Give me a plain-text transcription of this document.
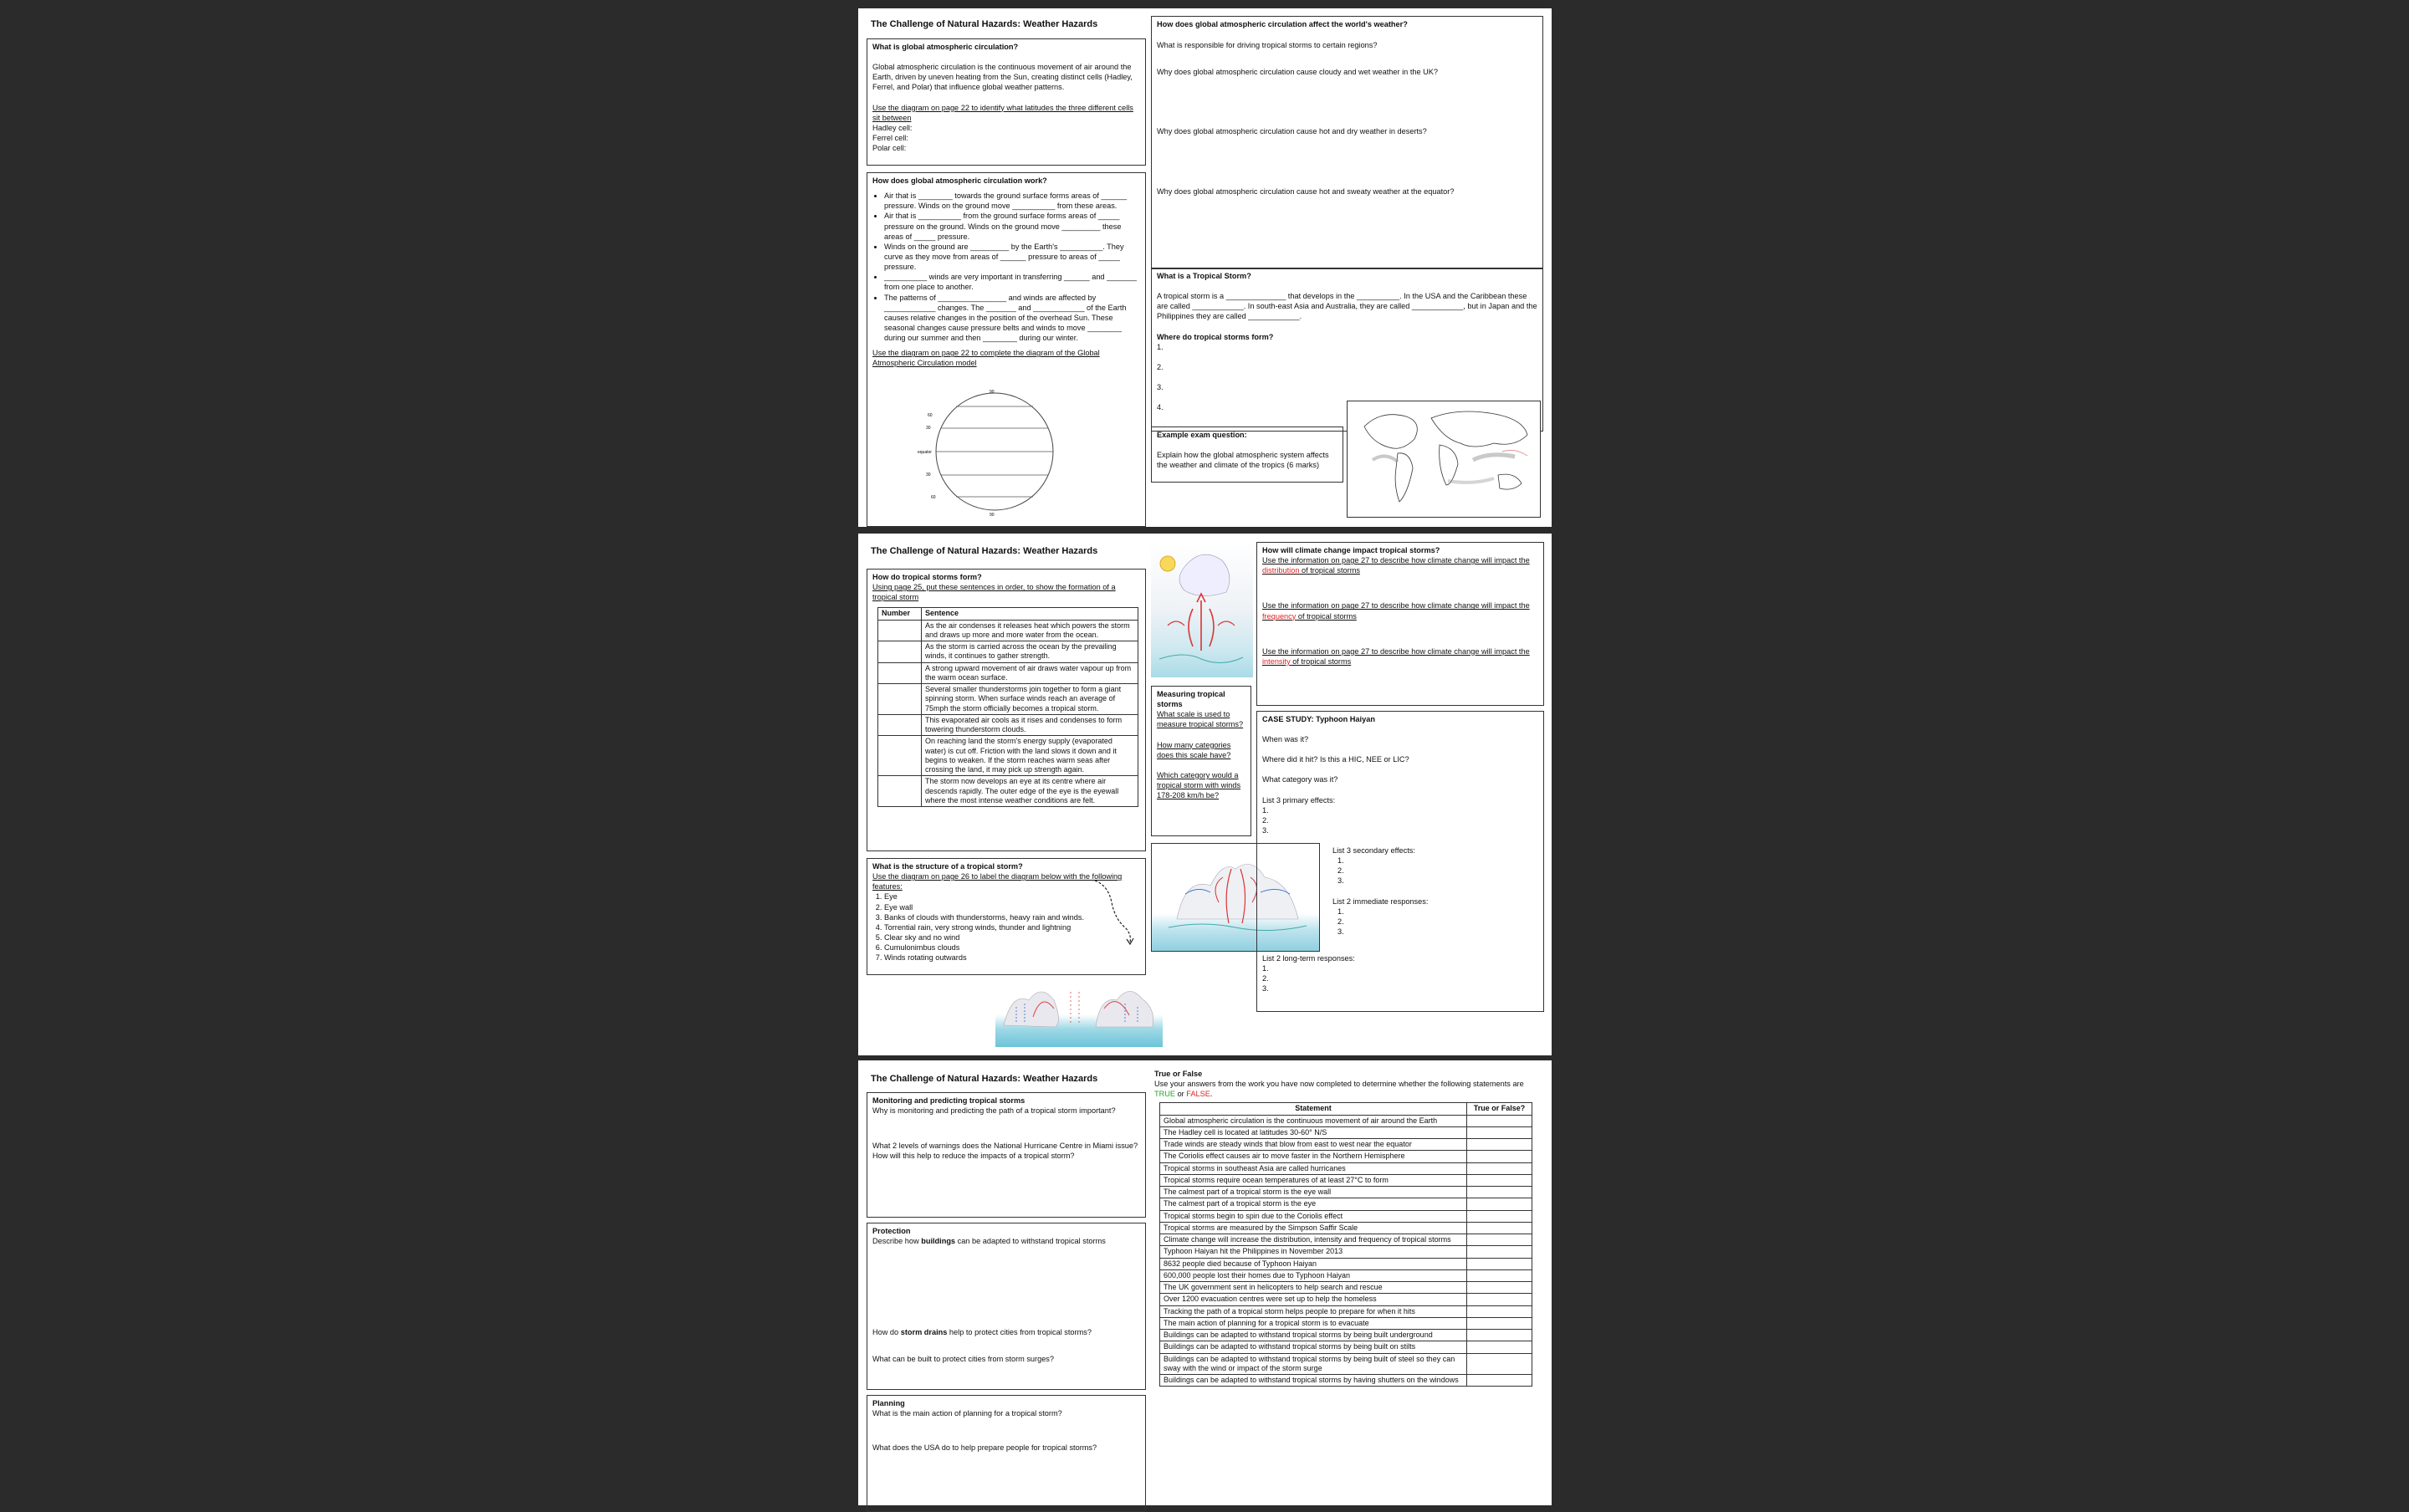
The Challenge of Natural Hazards: Weather Hazards

What is global atmospheric circulation?

Global atmospheric circulation is the continuous movement of air around the Earth, driven by uneven heating from the Sun, creating distinct cells (Hadley, Ferrel, and Polar) that influence global weather patterns.

Use the diagram on page 22 to identify what latitudes the three different cells sit between

Hadley cell:

Ferrel cell:

Polar cell:

How does global atmospheric circulation work?

• Air that is ________ towards the ground surface forms areas of ______ pressure. Winds on the ground move __________ from these areas.
• Air that is __________ from the ground surface forms areas of _____ pressure on the ground. Winds on the ground move _________ these areas of _____ pressure.
• Winds on the ground are _________ by the Earth's __________. They curve as they move from areas of ______ pressure to areas of _____ pressure.
• __________ winds are very important in transferring ______ and _______ from one place to another.
• The patterns of ________________ and winds are affected by ____________ changes. The _______ and ____________ of the Earth causes relative changes in the position of the overhead Sun. These seasonal changes cause pressure belts and winds to move ________ during our summer and then ________ during our winter.

Use the diagram on page 22 to complete the diagram of the Global Atmospheric Circulation model

90
60
30
equator
30
60
90

How does global atmospheric circulation affect the world's weather?

What is responsible for driving tropical storms to certain regions?

Why does global atmospheric circulation cause cloudy and wet weather in the UK?

Why does global atmospheric circulation cause hot and dry weather in deserts?

Why does global atmospheric circulation cause hot and sweaty weather at the equator?

What is a Tropical Storm?

A tropical storm is a ______________ that develops in the __________. In the USA and the Caribbean these are called ____________. In south-east Asia and Australia, they are called ____________, but in Japan and the Philippines they are called ____________.

Where do tropical storms form?

1.

2.

3.

4.

Example exam question:

Explain how the global atmospheric system affects the weather and climate of the tropics (6 marks)

The Challenge of Natural Hazards: Weather Hazards

How do tropical storms form?

Using page 25, put these sentences in order, to show the formation of a tropical storm

Number	Sentence
	As the air condenses it releases heat which powers the storm and draws up more and more water from the ocean.
	As the storm is carried across the ocean by the prevailing winds, it continues to gather strength.
	A strong upward movement of air draws water vapour up from the warm ocean surface.
	Several smaller thunderstorms join together to form a giant spinning storm. When surface winds reach an average of 75mph the storm officially becomes a tropical storm.
	This evaporated air cools as it rises and condenses to form towering thunderstorm clouds.
	On reaching land the storm's energy supply (evaporated water) is cut off. Friction with the land slows it down and it begins to weaken. If the storm reaches warm seas after crossing the land, it may pick up strength again.
	The storm now develops an eye at its centre where air descends rapidly. The outer edge of the eye is the eyewall where the most intense weather conditions are felt.

What is the structure of a tropical storm?

Use the diagram on page 26 to label the diagram below with the following features:

1. Eye
2. Eye wall
3. Banks of clouds with thunderstorms, heavy rain and winds.
4. Torrential rain, very strong winds, thunder and lightning
5. Clear sky and no wind
6. Cumulonimbus clouds
7. Winds rotating outwards

Measuring tropical storms

What scale is used to measure tropical storms?

How many categories does this scale have?

Which category would a tropical storm with winds 178-208 km/h be?

How will climate change impact tropical storms?

Use the information on page 27 to describe how climate change will impact the distribution of tropical storms

Use the information on page 27 to describe how climate change will impact the frequency of tropical storms

Use the information on page 27 to describe how climate change will impact the intensity of tropical storms

CASE STUDY: Typhoon Haiyan

When was it?

Where did it hit? Is this a HIC, NEE or LIC?

What category was it?

List 3 primary effects:

1.

2.

3.

List 3 secondary effects:

1.

2.

3.

List 2 immediate responses:

1.

2.

3.

List 2 long-term responses:

1.

2.

3.

The Challenge of Natural Hazards: Weather Hazards

Monitoring and predicting tropical storms

Why is monitoring and predicting the path of a tropical storm important?

What 2 levels of warnings does the National Hurricane Centre in Miami issue? How will this help to reduce the impacts of a tropical storm?

Protection

Describe how buildings can be adapted to withstand tropical storms

How do storm drains help to protect cities from tropical storms?

What can be built to protect cities from storm surges?

Planning

What is the main action of planning for a tropical storm?

What does the USA do to help prepare people for tropical storms?

True or False

Use your answers from the work you have now completed to determine whether the following statements are TRUE or FALSE.

Statement	True or False?
Global atmospheric circulation is the continuous movement of air around the Earth	
The Hadley cell is located at latitudes 30-60° N/S	
Trade winds are steady winds that blow from east to west near the equator	
The Coriolis effect causes air to move faster in the Northern Hemisphere	
Tropical storms in southeast Asia are called hurricanes	
Tropical storms require ocean temperatures of at least 27°C to form	
The calmest part of a tropical storm is the eye wall	
The calmest part of a tropical storm is the eye	
Tropical storms begin to spin due to the Coriolis effect	
Tropical storms are measured by the Simpson Saffir Scale	
Climate change will increase the distribution, intensity and frequency of tropical storms	
Typhoon Haiyan hit the Philippines in November 2013	
8632 people died because of Typhoon Haiyan	
600,000 people lost their homes due to Typhoon Haiyan	
The UK government sent in helicopters to help search and rescue	
Over 1200 evacuation centres were set up to help the homeless	
Tracking the path of a tropical storm helps people to prepare for when it hits	
The main action of planning for a tropical storm is to evacuate	
Buildings can be adapted to withstand tropical storms by being built underground	
Buildings can be adapted to withstand tropical storms by being built on stilts	
Buildings can be adapted to withstand tropical storms by being built of steel so they can sway with the wind or impact of the storm surge	
Buildings can be adapted to withstand tropical storms by having shutters on the windows	
